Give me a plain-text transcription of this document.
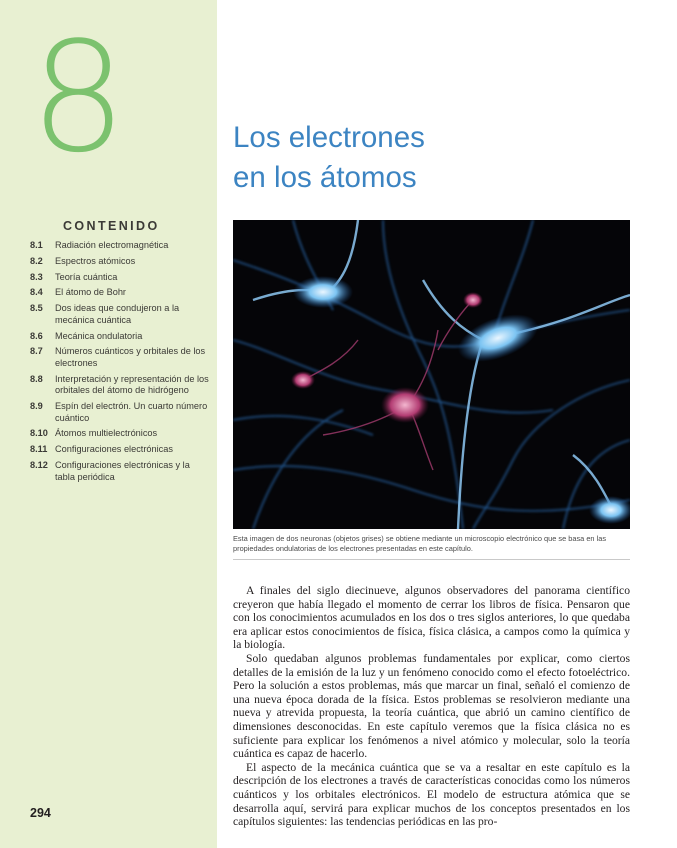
8
CONTENIDO
8.1	Radiación electromagnética
8.2	Espectros atómicos
8.3	Teoría cuántica
8.4	El átomo de Bohr
8.5	Dos ideas que condujeron a la mecánica cuántica
8.6	Mecánica ondulatoria
8.7	Números cuánticos y orbitales de los electrones
8.8	Interpretación y representación de los orbitales del átomo de hidrógeno
8.9	Espín del electrón. Un cuarto número cuántico
8.10 Átomos multielectrónicos
8.11 Configuraciones electrónicas
8.12 Configuraciones electrónicas y la tabla periódica
Los electrones
en los átomos
Esta imagen de dos neuronas (objetos grises) se obtiene mediante un microscopio electrónico que se basa en las propiedades ondulatorias de los electrones presentadas en este capítulo.

A finales del siglo diecinueve, algunos observadores del panorama científico creyeron que había llegado el momento de cerrar los libros de física. Pensaron que con los conocimientos acumulados en los dos o tres siglos anteriores, lo que quedaba era aplicar estos conocimientos de física, física clásica, a campos como la química y la biología.

Solo quedaban algunos problemas fundamentales por explicar, como ciertos detalles de la emisión de la luz y un fenómeno conocido como el efecto fotoeléctrico. Pero la solución a estos problemas, más que marcar un final, señaló el comienzo de una nueva época dorada de la física. Estos problemas se resolvieron mediante una nueva y atrevida propuesta, la teoría cuántica, que abrió un camino científico de dimensiones desconocidas. En este capítulo veremos que la física clásica no es suficiente para explicar los fenómenos a nivel atómico y molecular, solo la teoría cuántica es capaz de hacerlo.

El aspecto de la mecánica cuántica que se va a resaltar en este capítulo es la descripción de los electrones a través de características conocidas como los números cuánticos y los orbitales electrónicos. El modelo de estructura atómica que se desarrolla aquí, servirá para explicar muchos de los conceptos presentados en los capítulos siguientes: las tendencias periódicas en las pro-

294
